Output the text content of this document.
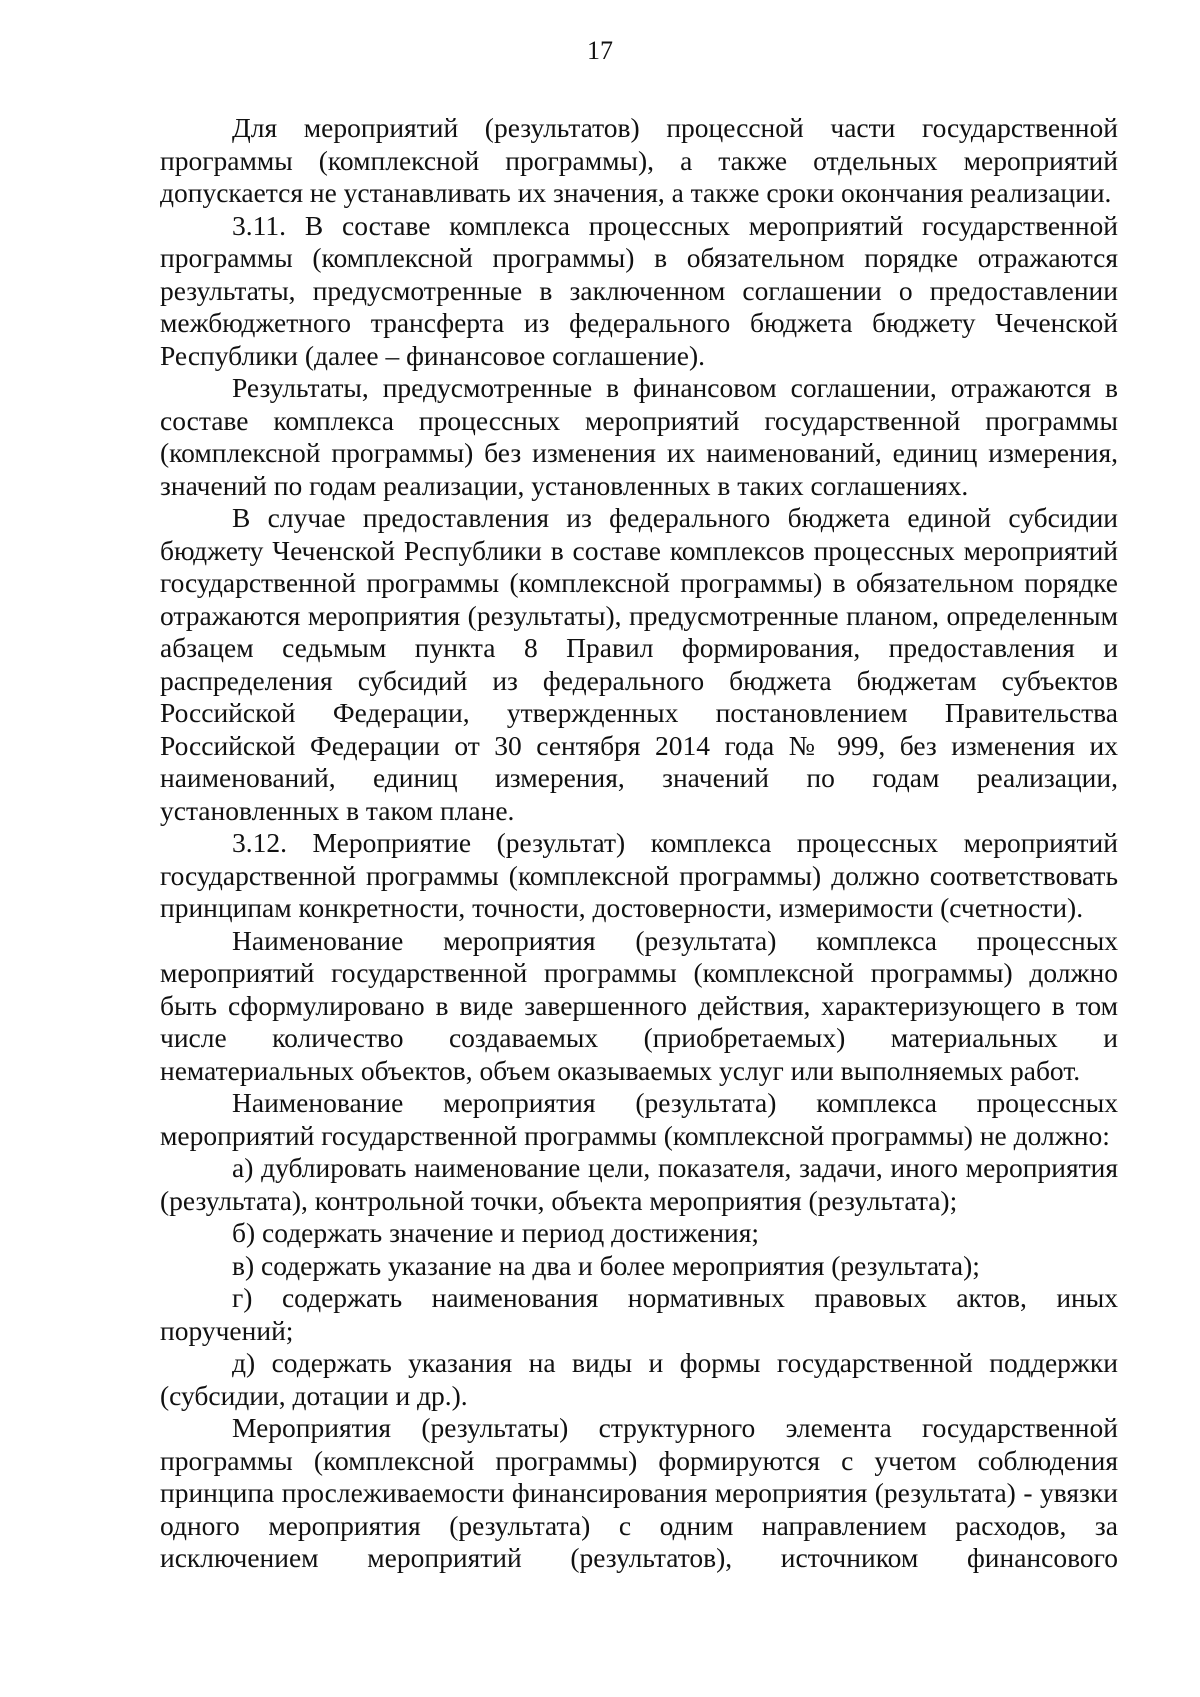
17

Для мероприятий (результатов) процессной части государственной программы (комплексной программы), а также отдельных мероприятий допускается не устанавливать их значения, а также сроки окончания реализации.

3.11. В составе комплекса процессных мероприятий государственной программы (комплексной программы) в обязательном порядке отражаются результаты, предусмотренные в заключенном соглашении о предоставлении межбюджетного трансферта из федерального бюджета бюджету Чеченской Республики (далее – финансовое соглашение).

Результаты, предусмотренные в финансовом соглашении, отражаются в составе комплекса процессных мероприятий государственной программы (комплексной программы) без изменения их наименований, единиц измерения, значений по годам реализации, установленных в таких соглашениях.

В случае предоставления из федерального бюджета единой субсидии бюджету Чеченской Республики в составе комплексов процессных мероприятий государственной программы (комплексной программы) в обязательном порядке отражаются мероприятия (результаты), предусмотренные планом, определенным абзацем седьмым пункта 8 Правил формирования, предоставления и распределения субсидий из федерального бюджета бюджетам субъектов Российской Федерации, утвержденных постановлением Правительства Российской Федерации от 30 сентября 2014 года № 999, без изменения их наименований, единиц измерения, значений по годам реализации, установленных в таком плане.

3.12. Мероприятие (результат) комплекса процессных мероприятий государственной программы (комплексной программы) должно соответствовать принципам конкретности, точности, достоверности, измеримости (счетности).

Наименование мероприятия (результата) комплекса процессных мероприятий государственной программы (комплексной программы) должно быть сформулировано в виде завершенного действия, характеризующего в том числе количество создаваемых (приобретаемых) материальных и нематериальных объектов, объем оказываемых услуг или выполняемых работ.

Наименование мероприятия (результата) комплекса процессных мероприятий государственной программы (комплексной программы) не должно:

а) дублировать наименование цели, показателя, задачи, иного мероприятия (результата), контрольной точки, объекта мероприятия (результата);

б) содержать значение и период достижения;

в) содержать указание на два и более мероприятия (результата);

г) содержать наименования нормативных правовых актов, иных поручений;

д) содержать указания на виды и формы государственной поддержки (субсидии, дотации и др.).

Мероприятия (результаты) структурного элемента государственной программы (комплексной программы) формируются с учетом соблюдения принципа прослеживаемости финансирования мероприятия (результата) - увязки одного мероприятия (результата) с одним направлением расходов, за исключением мероприятий (результатов), источником финансового
